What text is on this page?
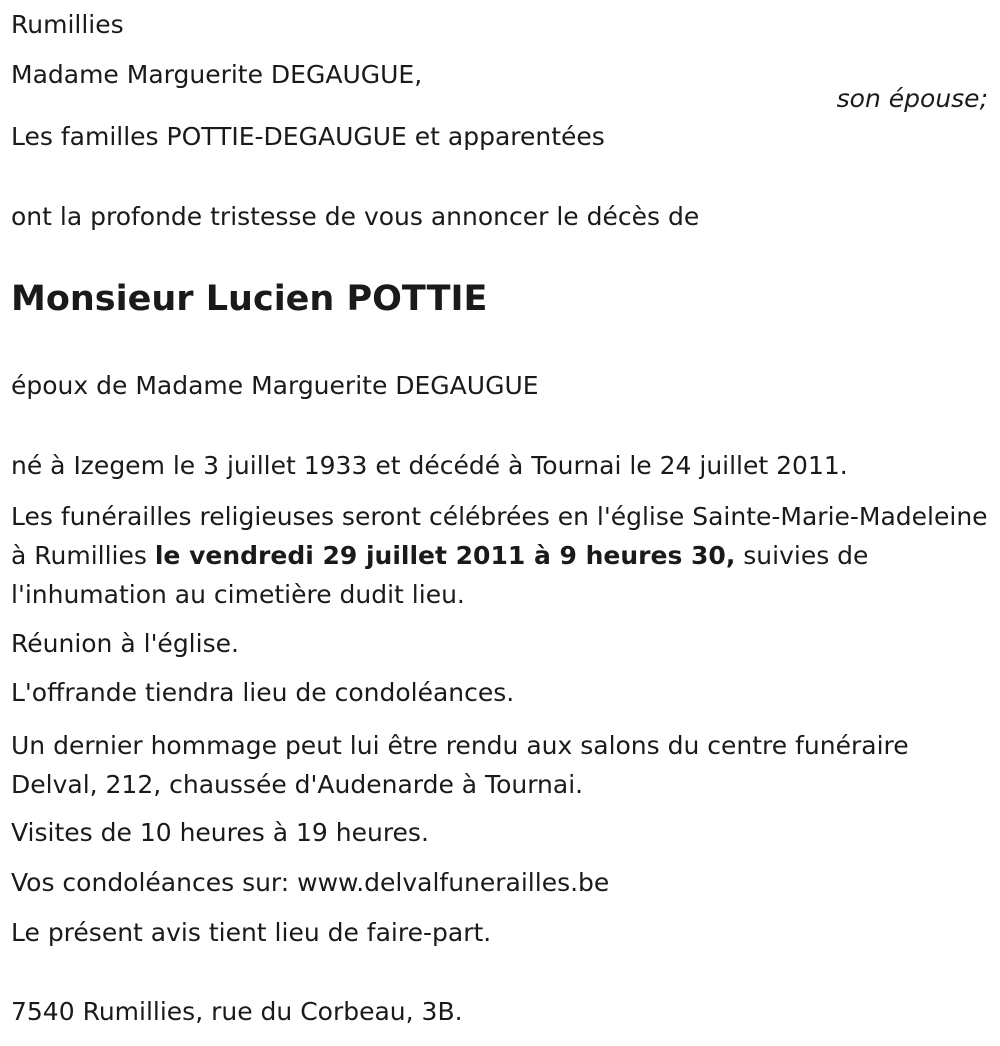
Rumillies
Madame Marguerite DEGAUGUE,
son épouse;
Les familles POTTIE-DEGAUGUE et apparentées
ont la profonde tristesse de vous annoncer le décès de
Monsieur Lucien POTTIE
époux de Madame Marguerite DEGAUGUE
né à Izegem le 3 juillet 1933 et décédé à Tournai le 24 juillet 2011.
Les funérailles religieuses seront célébrées en l'église Sainte-Marie-Madeleine à Rumillies le vendredi 29 juillet 2011 à 9 heures 30, suivies de l'inhumation au cimetière dudit lieu.
Réunion à l'église.
L'offrande tiendra lieu de condoléances.
Un dernier hommage peut lui être rendu aux salons du centre funéraire Delval, 212, chaussée d'Audenarde à Tournai.
Visites de 10 heures à 19 heures.
Vos condoléances sur: www.delvalfunerailles.be
Le présent avis tient lieu de faire-part.
7540 Rumillies, rue du Corbeau, 3B.
